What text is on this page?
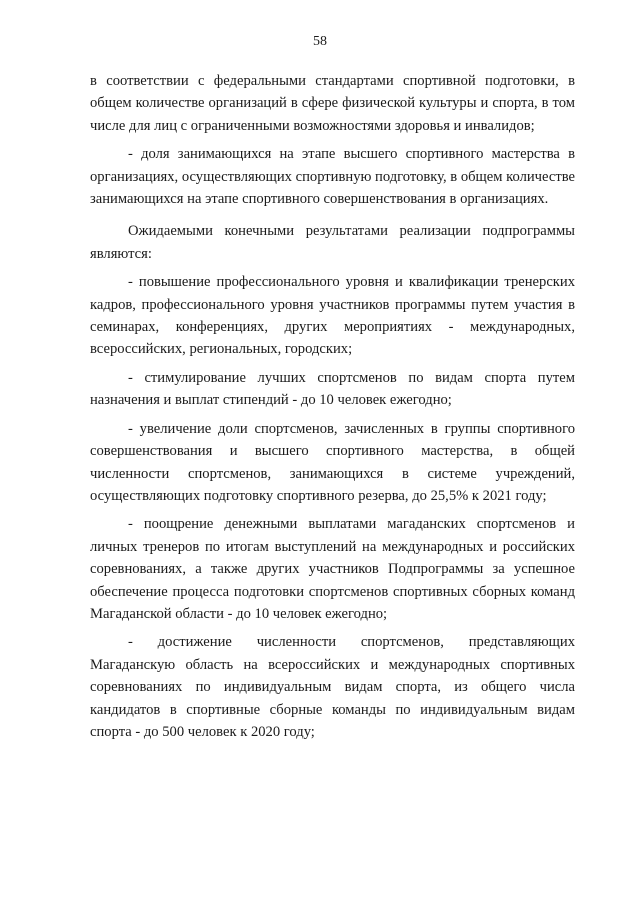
58

в соответствии с федеральными стандартами спортивной подготовки, в общем количестве организаций в сфере физической культуры и спорта, в том числе для лиц с ограниченными возможностями здоровья и инвалидов;

- доля занимающихся на этапе высшего спортивного мастерства в организациях, осуществляющих спортивную подготовку, в общем количестве занимающихся на этапе спортивного совершенствования в организациях.

Ожидаемыми конечными результатами реализации подпрограммы являются:

- повышение профессионального уровня и квалификации тренерских кадров, профессионального уровня участников программы путем участия в семинарах, конференциях, других мероприятиях - международных, всероссийских, региональных, городских;

- стимулирование лучших спортсменов по видам спорта путем назначения и выплат стипендий - до 10 человек ежегодно;

- увеличение доли спортсменов, зачисленных в группы спортивного совершенствования и высшего спортивного мастерства, в общей численности спортсменов, занимающихся в системе учреждений, осуществляющих подготовку спортивного резерва, до 25,5% к 2021 году;

- поощрение денежными выплатами магаданских спортсменов и личных тренеров по итогам выступлений на международных и российских соревнованиях, а также других участников Подпрограммы за успешное обеспечение процесса подготовки спортсменов спортивных сборных команд Магаданской области - до 10 человек ежегодно;

- достижение численности спортсменов, представляющих Магаданскую область на всероссийских и международных спортивных соревнованиях по индивидуальным видам спорта, из общего числа кандидатов в спортивные сборные команды по индивидуальным видам спорта - до 500 человек к 2020 году;
